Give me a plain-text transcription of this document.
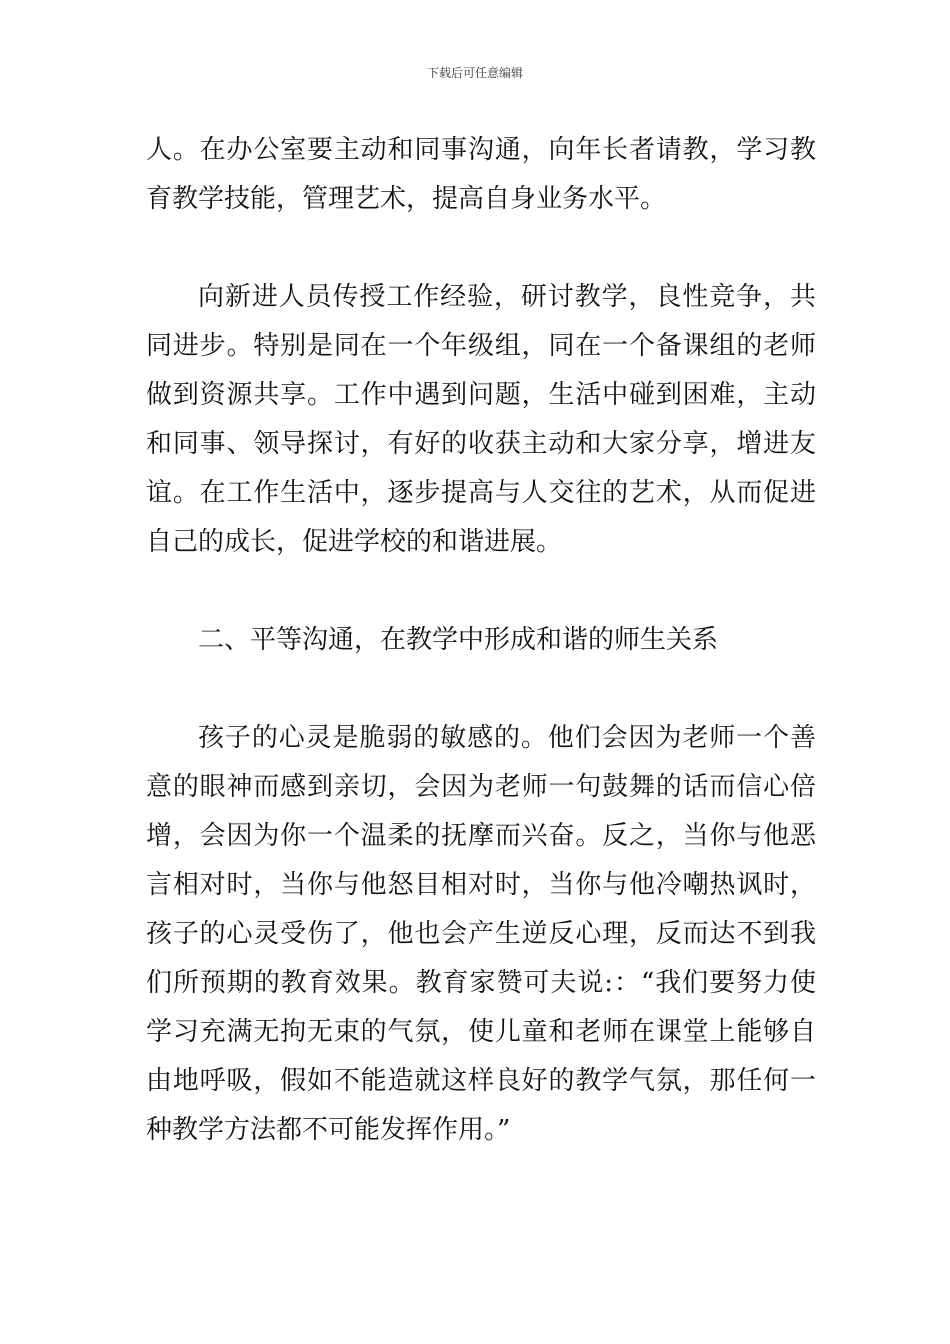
下载后可任意编辑

人。在办公室要主动和同事沟通，向年长者请教，学习教育教学技能，管理艺术，提高自身业务水平。

向新进人员传授工作经验，研讨教学，良性竞争，共同进步。特别是同在一个年级组，同在一个备课组的老师做到资源共享。工作中遇到问题，生活中碰到困难，主动和同事、领导探讨，有好的收获主动和大家分享，增进友谊。在工作生活中，逐步提高与人交往的艺术，从而促进自己的成长，促进学校的和谐进展。

二、平等沟通，在教学中形成和谐的师生关系

孩子的心灵是脆弱的敏感的。他们会因为老师一个善意的眼神而感到亲切，会因为老师一句鼓舞的话而信心倍增，会因为你一个温柔的抚摩而兴奋。反之，当你与他恶言相对时，当你与他怒目相对时，当你与他冷嘲热讽时，孩子的心灵受伤了，他也会产生逆反心理，反而达不到我们所预期的教育效果。教育家赞可夫说:：“我们要努力使学习充满无拘无束的气氛，使儿童和老师在课堂上能够自由地呼吸，假如不能造就这样良好的教学气氛，那任何一种教学方法都不可能发挥作用。”
